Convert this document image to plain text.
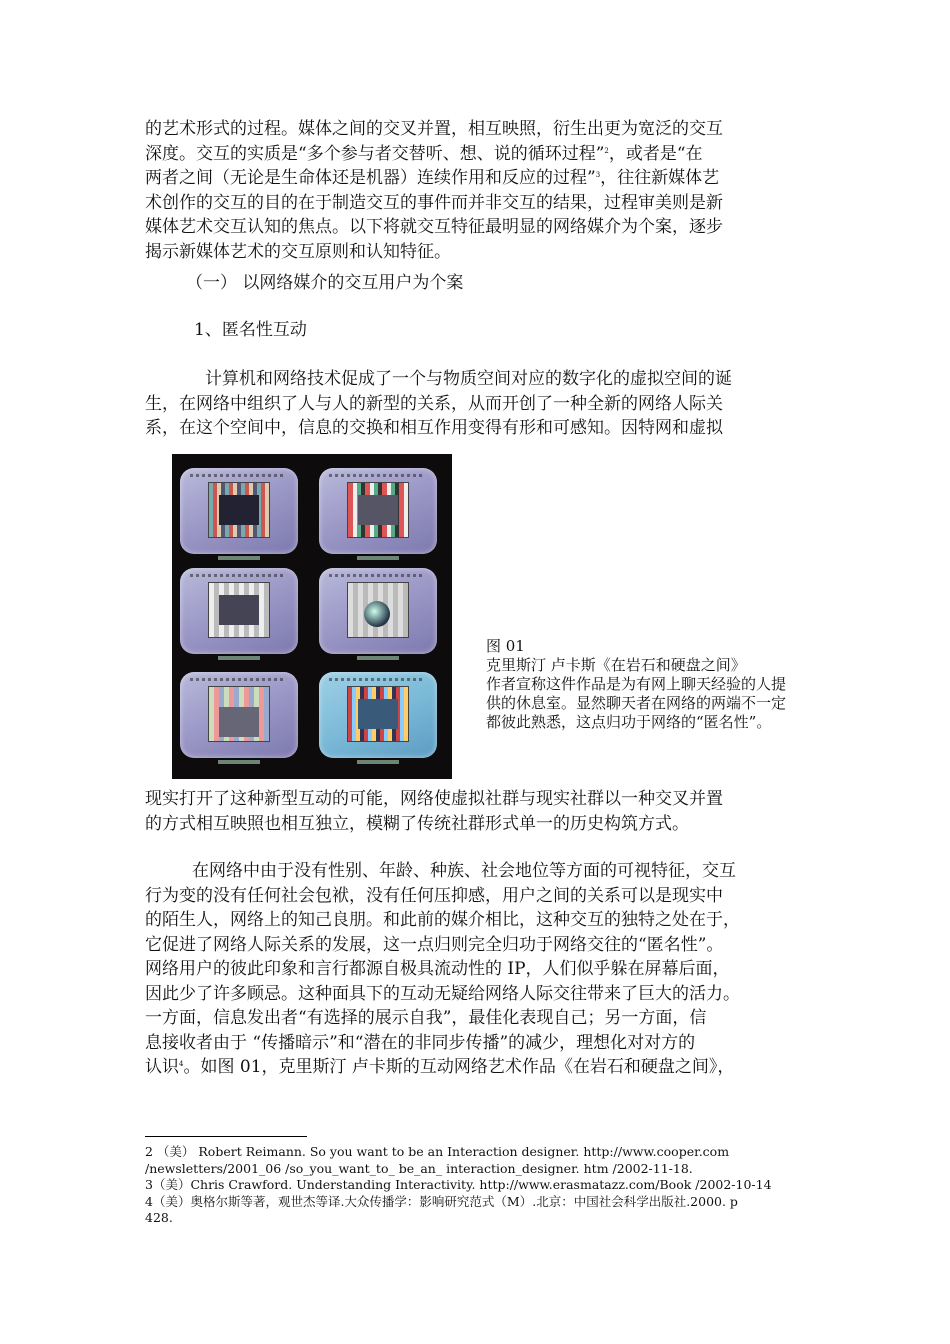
的艺术形式的过程。媒体之间的交叉并置，相互映照，衍生出更为宽泛的交互
深度。交互的实质是“多个参与者交替听、想、说的循环过程”$^2$，或者是“在
两者之间（无论是生命体还是机器）连续作用和反应的过程”$^3$，往往新媒体艺
术创作的交互的目的在于制造交互的事件而并非交互的结果，过程审美则是新
媒体艺术交互认知的焦点。以下将就交互特征最明显的网络媒介为个案，逐步
揭示新媒体艺术的交互原则和认知特征。

（一） 以网络媒介的交互用户为个案

1、匿名性互动

计算机和网络技术促成了一个与物质空间对应的数字化的虚拟空间的诞
生，在网络中组织了人与人的新型的关系，从而开创了一种全新的网络人际关
系，在这个空间中，信息的交换和相互作用变得有形和可感知。因特网和虚拟

图 01
克里斯汀 卢卡斯《在岩石和硬盘之间》
作者宣称这件作品是为有网上聊天经验的人提
供的休息室。显然聊天者在网络的两端不一定
都彼此熟悉，这点归功于网络的“匿名性”。

现实打开了这种新型互动的可能，网络使虚拟社群与现实社群以一种交叉并置
的方式相互映照也相互独立，模糊了传统社群形式单一的历史构筑方式。

在网络中由于没有性别、年龄、种族、社会地位等方面的可视特征，交互
行为变的没有任何社会包袱，没有任何压抑感，用户之间的关系可以是现实中
的陌生人，网络上的知己良朋。和此前的媒介相比，这种交互的独特之处在于，
它促进了网络人际关系的发展，这一点归则完全归功于网络交往的“匿名性”。
网络用户的彼此印象和言行都源自极具流动性的 IP，人们似乎躲在屏幕后面，
因此少了许多顾忌。这种面具下的互动无疑给网络人际交往带来了巨大的活力。
一方面，信息发出者“有选择的展示自我”，最佳化表现自己；另一方面，信
息接收者由于 “传播暗示”和“潜在的非同步传播”的减少，理想化对对方的
认识$^4$。如图 01，克里斯汀 卢卡斯的互动网络艺术作品《在岩石和硬盘之间》，

2 （美） Robert Reimann. So you want to be an Interaction designer. http://www.cooper.com
/newsletters/2001_06 /so_you_want_to_ be_an_ interaction_designer. htm /2002-11-18.
3（美）Chris Crawford. Understanding Interactivity. http://www.erasmatazz.com/Book /2002-10-14
4（美）奥格尔斯等著，观世杰等译.大众传播学：影响研究范式（M）.北京：中国社会科学出版社.2000. p
428.
